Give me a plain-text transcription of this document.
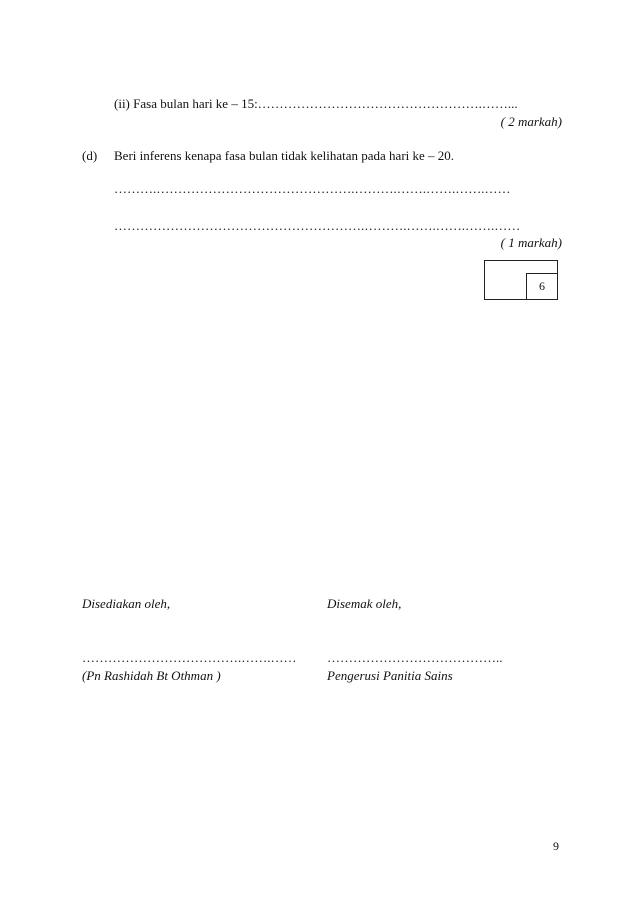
(ii) Fasa bulan hari ke – 15:…………………………………………….……...
( 2 markah)
(d) Beri inferens kenapa fasa bulan tidak kelihatan pada hari ke – 20.
……….……………………………………….……….…….…….…….……
………………………………………………….……….…….…….…….……
( 1 markah)
6
Disediakan oleh,	Disemak oleh,
……………………………….…….…… …………………………………..
(Pn Rashidah Bt Othman )	Pengerusi Panitia Sains
9
